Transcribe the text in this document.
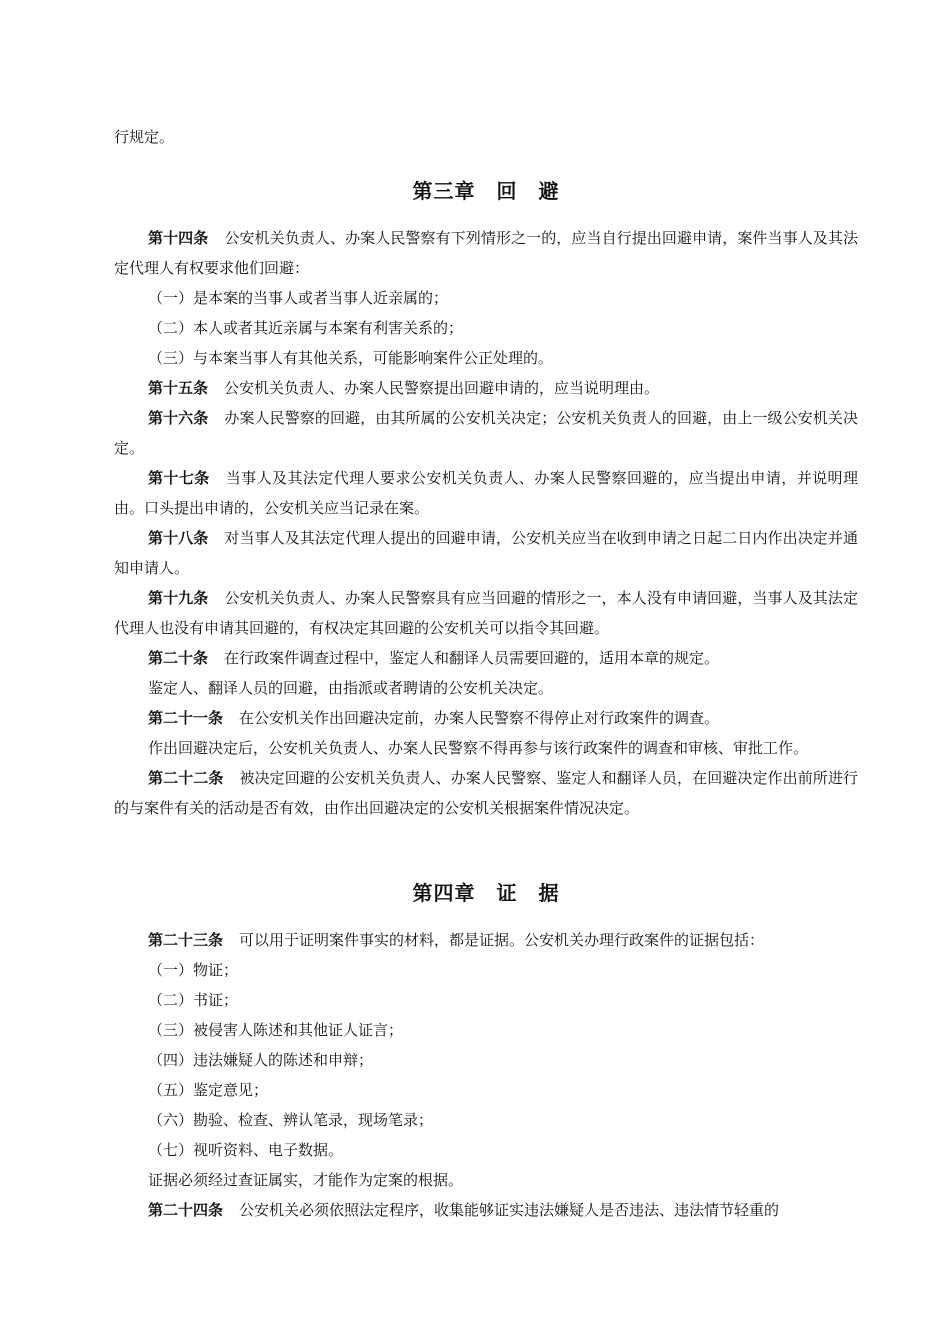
行规定。

第三章　回　避

第十四条 公安机关负责人、办案人民警察有下列情形之一的，应当自行提出回避申请，案件当事人及其法定代理人有权要求他们回避：

（一）是本案的当事人或者当事人近亲属的；

（二）本人或者其近亲属与本案有利害关系的；

（三）与本案当事人有其他关系，可能影响案件公正处理的。

第十五条 公安机关负责人、办案人民警察提出回避申请的，应当说明理由。

第十六条 办案人民警察的回避，由其所属的公安机关决定；公安机关负责人的回避，由上一级公安机关决定。

第十七条 当事人及其法定代理人要求公安机关负责人、办案人民警察回避的，应当提出申请，并说明理由。口头提出申请的，公安机关应当记录在案。

第十八条 对当事人及其法定代理人提出的回避申请，公安机关应当在收到申请之日起二日内作出决定并通知申请人。

第十九条 公安机关负责人、办案人民警察具有应当回避的情形之一，本人没有申请回避，当事人及其法定代理人也没有申请其回避的，有权决定其回避的公安机关可以指令其回避。

第二十条 在行政案件调查过程中，鉴定人和翻译人员需要回避的，适用本章的规定。

鉴定人、翻译人员的回避，由指派或者聘请的公安机关决定。

第二十一条 在公安机关作出回避决定前，办案人民警察不得停止对行政案件的调查。

作出回避决定后，公安机关负责人、办案人民警察不得再参与该行政案件的调查和审核、审批工作。

第二十二条 被决定回避的公安机关负责人、办案人民警察、鉴定人和翻译人员，在回避决定作出前所进行的与案件有关的活动是否有效，由作出回避决定的公安机关根据案件情况决定。

第四章　证　据

第二十三条 可以用于证明案件事实的材料，都是证据。公安机关办理行政案件的证据包括：

（一）物证；

（二）书证；

（三）被侵害人陈述和其他证人证言；

（四）违法嫌疑人的陈述和申辩；

（五）鉴定意见；

（六）勘验、检查、辨认笔录，现场笔录；

（七）视听资料、电子数据。

证据必须经过查证属实，才能作为定案的根据。

第二十四条 公安机关必须依照法定程序，收集能够证实违法嫌疑人是否违法、违法情节轻重的
